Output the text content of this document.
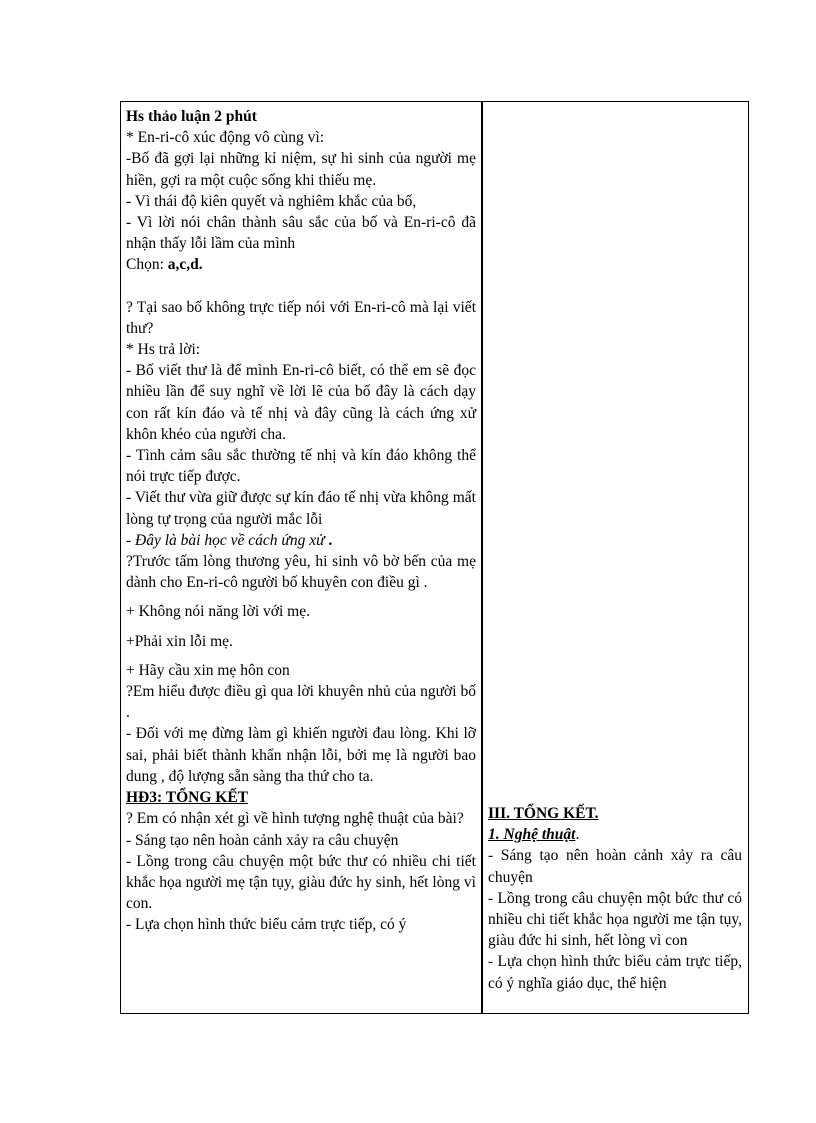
Hs thảo luận 2 phút
* En-ri-cô xúc động vô cùng vì:
-Bố đã gợi lại những kỉ niệm, sự hi sinh của người mẹ hiền, gợi ra một cuộc sống khi thiếu mẹ.
- Vì thái độ kiên quyết và nghiêm khắc của bố,
- Vì lời nói chân thành sâu sắc của bố và En-ri-cô đã nhận thấy lỗi lầm của mình
Chọn: a,c,d.
? Tại sao bố không trực tiếp nói với En-ri-cô mà lại viết thư?
* Hs trả lời:
- Bố viết thư là để mình En-ri-cô biết, có thể em sẽ đọc nhiều lần để suy nghĩ về lời lẽ của bố đây là cách dạy con rất kín đáo và tế nhị và đây cũng là cách ứng xử khôn khéo của người cha.
- Tình cảm sâu sắc thường tế nhị và kín đáo không thể nói trực tiếp được.
- Viết thư vừa giữ được sự kín đáo tế nhị vừa không mất lòng tự trọng của người mắc lỗi
- Đây là bài học về cách ứng xử .
?Trước tấm lòng thương yêu, hi sinh vô bờ bến của mẹ dành cho En-ri-cô người bố khuyên con điều gì .
+ Không nói năng lời với mẹ.
+Phải xin lỗi mẹ.
+ Hãy cầu xin mẹ hôn con
?Em hiểu được điều gì qua lời khuyên nhủ của người bố .
- Đối với mẹ đừng làm gì khiến người đau lòng. Khi lỡ sai, phải biết thành khẩn nhận lỗi, bởi mẹ là người bao dung , độ lượng sẵn sàng tha thứ cho ta.
HĐ3: TỔNG KẾT
? Em có nhận xét gì về hình tượng nghệ thuật của bài?
- Sáng tạo nên hoàn cảnh xảy ra câu chuyện
- Lồng trong câu chuyện một bức thư có nhiều chi tiết khắc họa người mẹ tận tụy, giàu đức hy sinh, hết lòng vì con.
- Lựa chọn hình thức biểu cảm trực tiếp, có ý
III. TỔNG KẾT.
1. Nghệ thuật.
- Sáng tạo nên hoàn cảnh xảy ra câu chuyện
- Lồng trong câu chuyện một bức thư có nhiều chi tiết khắc họa người me tận tụy, giàu đức hi sinh, hết lòng vì con
- Lựa chọn hình thức biểu cảm trực tiếp, có ý nghĩa giáo dục, thể hiện
